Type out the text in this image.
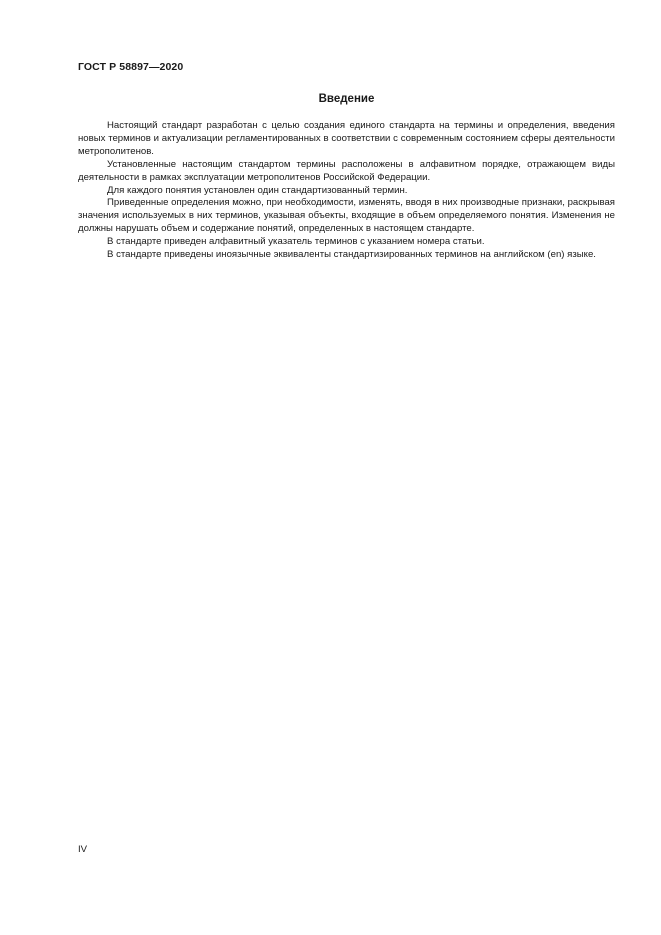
ГОСТ Р 58897—2020
Введение

Настоящий стандарт разработан с целью создания единого стандарта на термины и определения, введения новых терминов и актуализации регламентированных в соответствии с современным состоянием сферы деятельности метрополитенов.

Установленные настоящим стандартом термины расположены в алфавитном порядке, отражающем виды деятельности в рамках эксплуатации метрополитенов Российской Федерации.

Для каждого понятия установлен один стандартизованный термин.

Приведенные определения можно, при необходимости, изменять, вводя в них производные признаки, раскрывая значения используемых в них терминов, указывая объекты, входящие в объем определяемого понятия. Изменения не должны нарушать объем и содержание понятий, определенных в настоящем стандарте.

В стандарте приведен алфавитный указатель терминов с указанием номера статьи.

В стандарте приведены иноязычные эквиваленты стандартизированных терминов на английском (en) языке.

IV
